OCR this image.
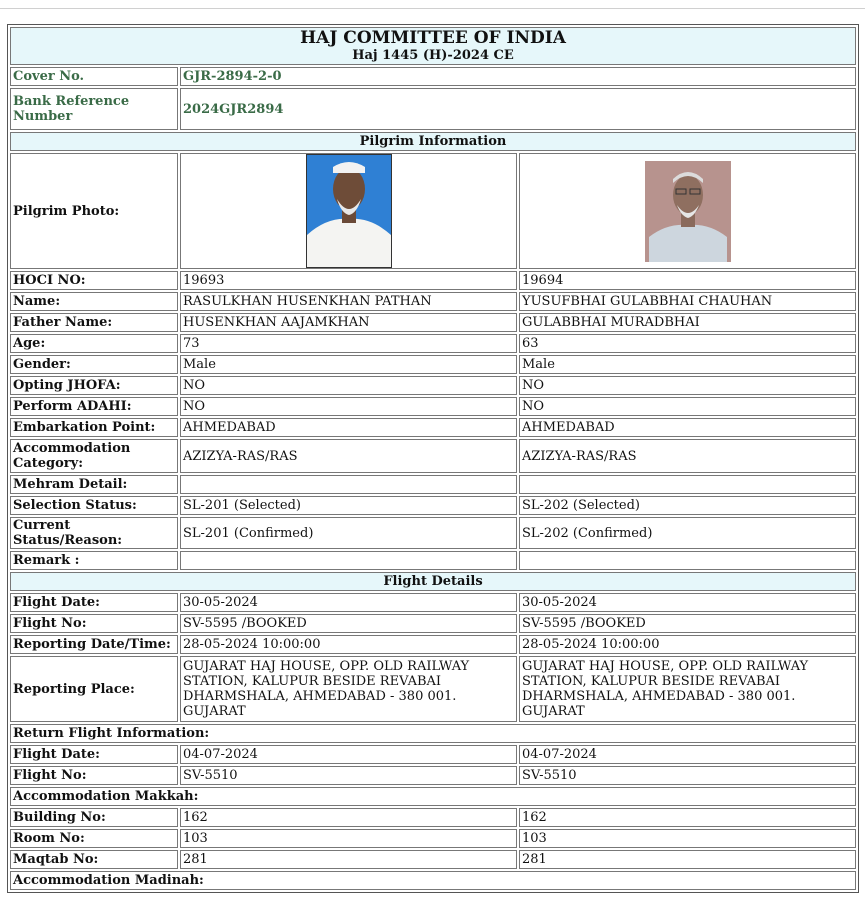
HAJ COMMITTEE OF INDIA
Haj 1445 (H)-2024 CE		

Cover No.	GJR-2894-2-0	
Bank Reference Number	2024GJR2894	
Pilgrim Information		
Pilgrim Photo:		
HOCI NO:	19693	19694
Name:	RASULKHAN HUSENKHAN PATHAN	YUSUFBHAI GULABBHAI CHAUHAN
Father Name:	HUSENKHAN AAJAMKHAN	GULABBHAI MURADBHAI
Age:	73	63
Gender:	Male	Male
Opting JHOFA:	NO	NO
Perform ADAHI:	NO	NO
Embarkation Point:	AHMEDABAD	AHMEDABAD
Accommodation Category:	AZIZYA-RAS/RAS	AZIZYA-RAS/RAS
Mehram Detail:		
Selection Status:	SL-201 (Selected)	SL-202 (Selected)
Current Status/Reason:	SL-201 (Confirmed)	SL-202 (Confirmed)
Remark :		
Flight Details		
Flight Date:	30-05-2024	30-05-2024
Flight No:	SV-5595 /BOOKED	SV-5595 /BOOKED
Reporting Date/Time:	28-05-2024 10:00:00	28-05-2024 10:00:00
Reporting Place:	GUJARAT HAJ HOUSE, OPP. OLD RAILWAY STATION, KALUPUR BESIDE REVABAI DHARMSHALA, AHMEDABAD - 380 001. GUJARAT	GUJARAT HAJ HOUSE, OPP. OLD RAILWAY STATION, KALUPUR BESIDE REVABAI DHARMSHALA, AHMEDABAD - 380 001. GUJARAT
Return Flight Information:		
Flight Date:	04-07-2024	04-07-2024
Flight No:	SV-5510	SV-5510
Accommodation Makkah:		
Building No:	162	162
Room No:	103	103
Maqtab No:	281	281
Accommodation Madinah:		
